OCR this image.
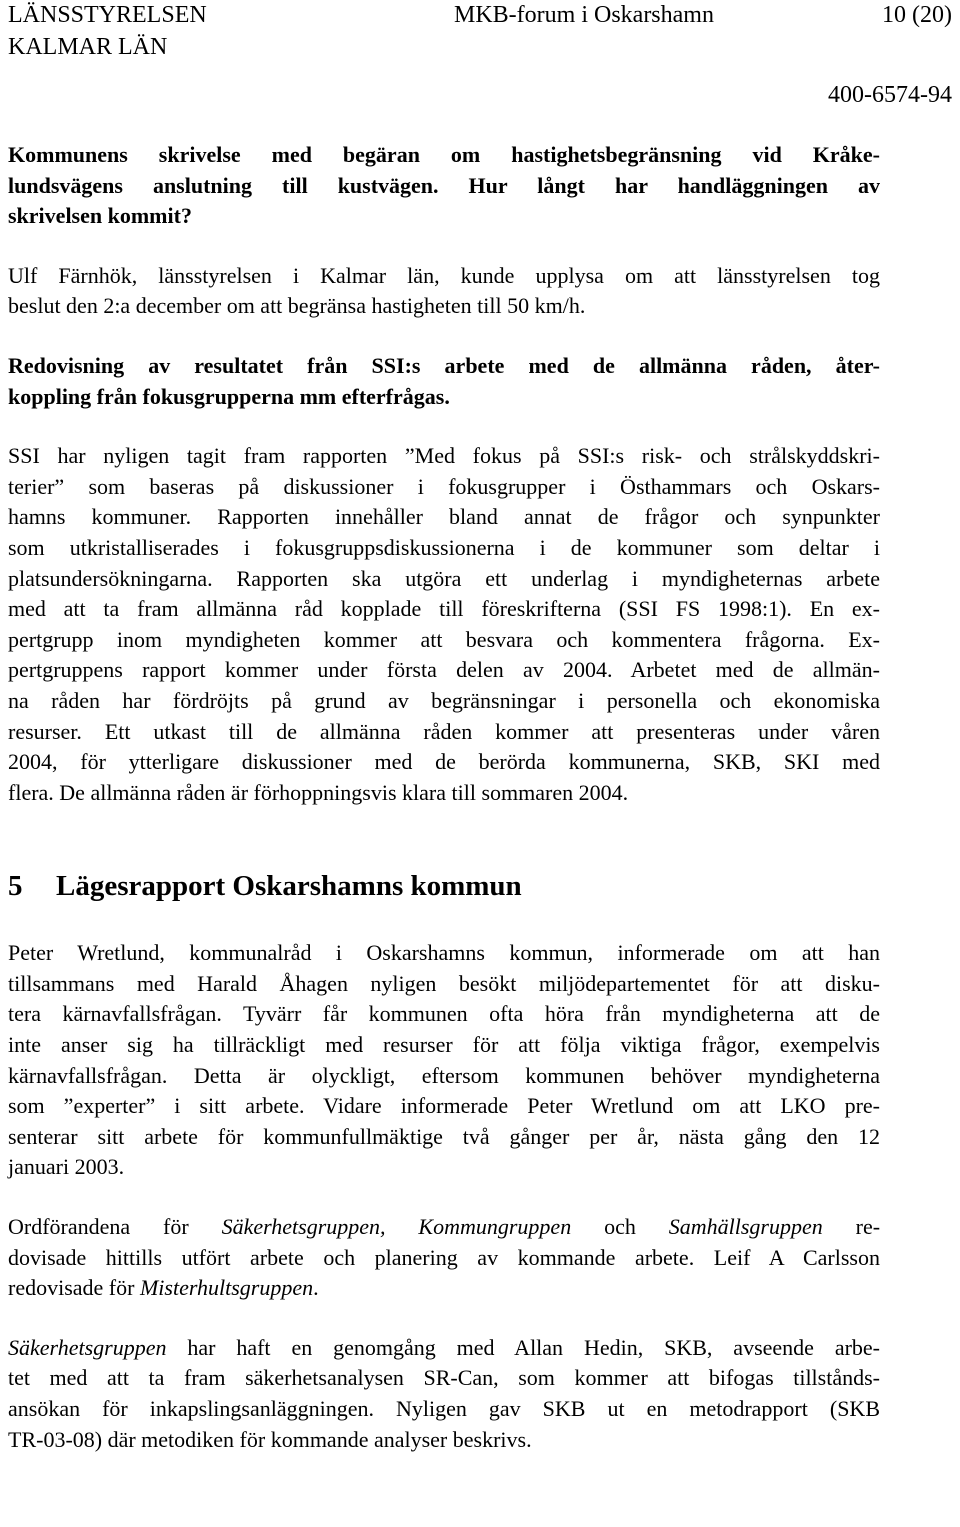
LÄNSSTYRELSEN
KALMAR LÄN
MKB-forum i Oskarshamn	10 (20)
400-6574-94
Kommunens skrivelse med begäran om hastighetsbegränsning vid Kråke-
lundsvägens anslutning till kustvägen. Hur långt har handläggningen av
skrivelsen kommit?
Ulf Färnhök, länsstyrelsen i Kalmar län, kunde upplysa om att länsstyrelsen tog
beslut den 2:a december om att begränsa hastigheten till 50 km/h.
Redovisning av resultatet från SSI:s arbete med de allmänna råden, åter-
koppling från fokusgrupperna mm efterfrågas.
SSI har nyligen tagit fram rapporten ”Med fokus på SSI:s risk- och strålskyddskri-
terier” som baseras på diskussioner i fokusgrupper i Östhammars och Oskars-
hamns kommuner. Rapporten innehåller bland annat de frågor och synpunkter
som utkristalliserades i fokusgruppsdiskussionerna i de kommuner som deltar i
platsundersökningarna. Rapporten ska utgöra ett underlag i myndigheternas arbete
med att ta fram allmänna råd kopplade till föreskrifterna (SSI FS 1998:1). En ex-
pertgrupp inom myndigheten kommer att besvara och kommentera frågorna. Ex-
pertgruppens rapport kommer under första delen av 2004. Arbetet med de allmän-
na råden har fördröjts på grund av begränsningar i personella och ekonomiska
resurser. Ett utkast till de allmänna råden kommer att presenteras under våren
2004, för ytterligare diskussioner med de berörda kommunerna, SKB, SKI med
flera. De allmänna råden är förhoppningsvis klara till sommaren 2004.
5 Lägesrapport Oskarshamns kommun
Peter Wretlund, kommunalråd i Oskarshamns kommun, informerade om att han
tillsammans med Harald Åhagen nyligen besökt miljödepartementet för att disku-
tera kärnavfallsfrågan. Tyvärr får kommunen ofta höra från myndigheterna att de
inte anser sig ha tillräckligt med resurser för att följa viktiga frågor, exempelvis
kärnavfallsfrågan. Detta är olyckligt, eftersom kommunen behöver myndigheterna
som ”experter” i sitt arbete. Vidare informerade Peter Wretlund om att LKO pre-
senterar sitt arbete för kommunfullmäktige två gånger per år, nästa gång den 12
januari 2003.
Ordförandena för Säkerhetsgruppen, Kommungruppen och Samhällsgruppen re-
dovisade hittills utfört arbete och planering av kommande arbete. Leif A Carlsson
redovisade för Misterhultsgruppen.
Säkerhetsgruppen har haft en genomgång med Allan Hedin, SKB, avseende arbe-
tet med att ta fram säkerhetsanalysen SR-Can, som kommer att bifogas tillstånds-
ansökan för inkapslingsanläggningen. Nyligen gav SKB ut en metodrapport (SKB
TR-03-08) där metodiken för kommande analyser beskrivs.
